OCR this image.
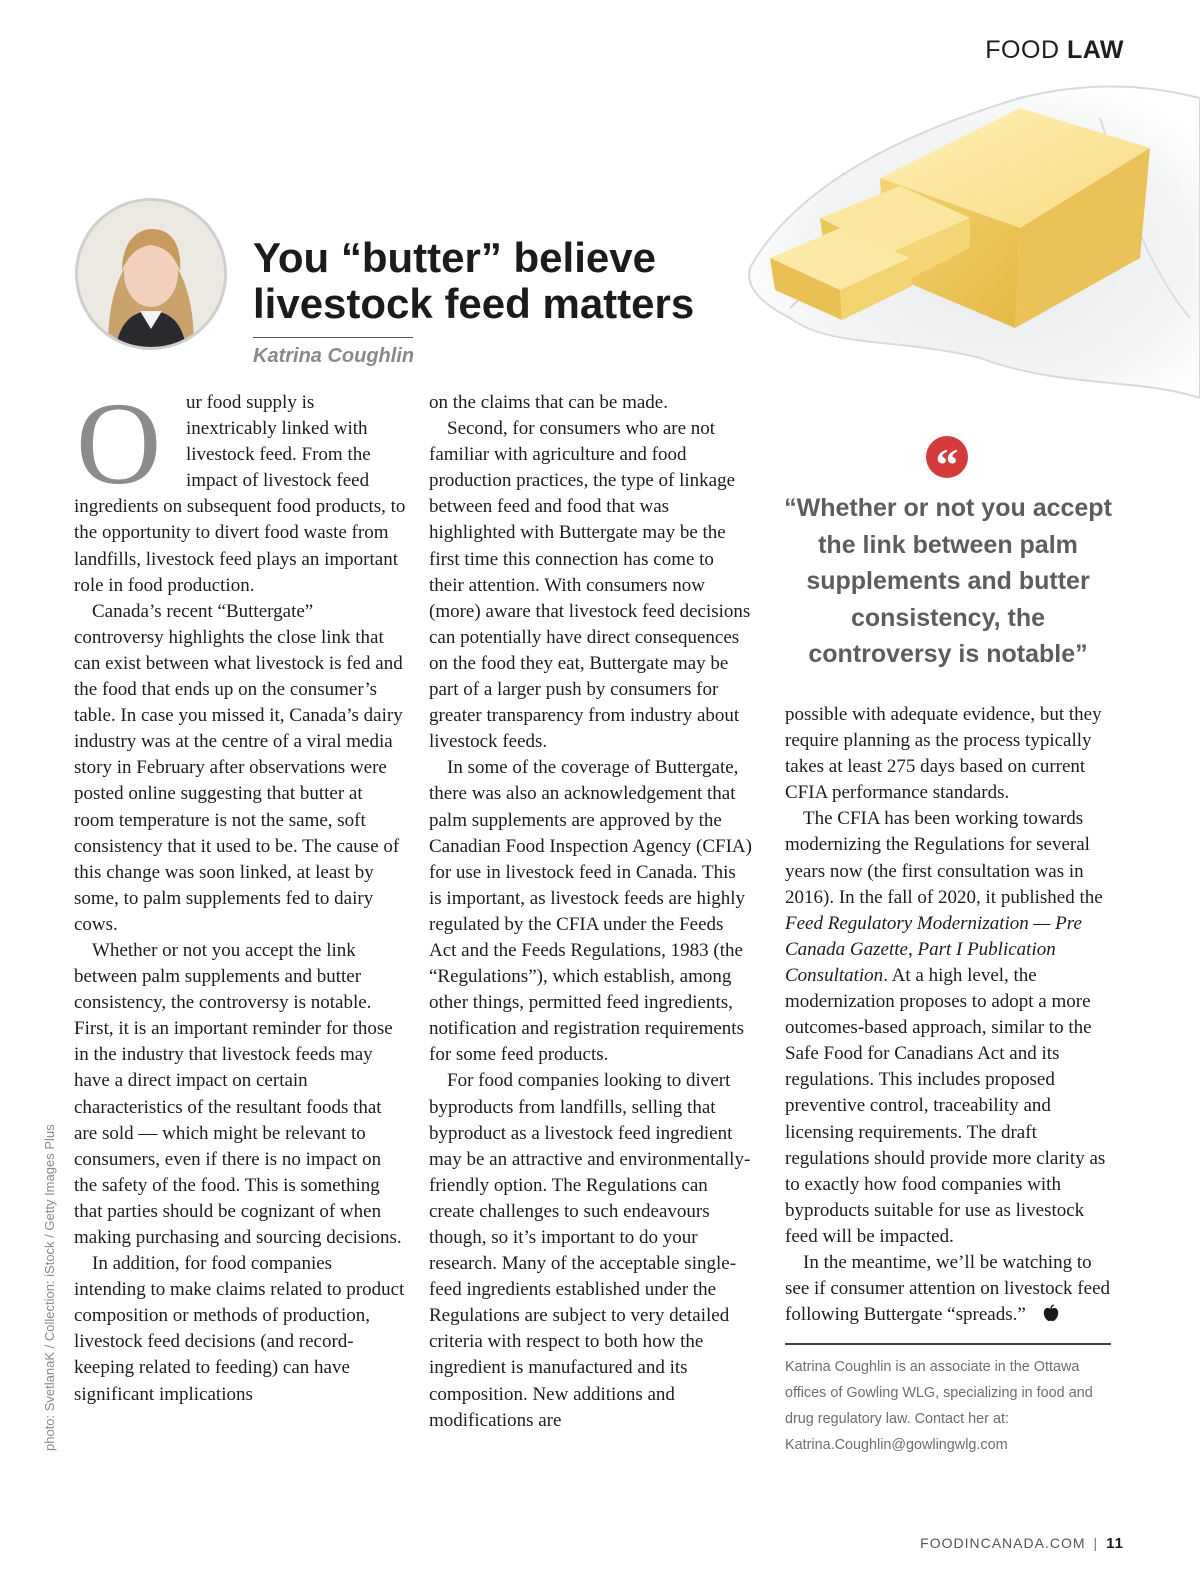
FOOD LAW
You “butter” believe livestock feed matters
Katrina Coughlin

O	ur food supply is inextricably linked with livestock feed. From the impact of livestock feed ingredients on subsequent food products, to the opportunity to divert food waste from landfills, livestock feed plays an important role in food production.

Canada’s recent “Buttergate” controversy highlights the close link that can exist between what livestock is fed and the food that ends up on the consumer’s table. In case you missed it, Canada’s dairy industry was at the centre of a viral media story in February after observations were posted online suggesting that butter at room temperature is not the same, soft consistency that it used to be. The cause of this change was soon linked, at least by some, to palm supplements fed to dairy cows.

Whether or not you accept the link between palm supplements and butter consistency, the controversy is notable. First, it is an important reminder for those in the industry that livestock feeds may have a direct impact on certain characteristics of the resultant foods that are sold — which might be relevant to consumers, even if there is no impact on the safety of the food. This is something that parties should be cognizant of when making purchasing and sourcing decisions.

In addition, for food companies intending to make claims related to product composition or methods of production, livestock feed decisions (and record-keeping related to feeding) can have significant implications

on the claims that can be made.

Second, for consumers who are not familiar with agriculture and food production practices, the type of linkage between feed and food that was highlighted with Buttergate may be the first time this connection has come to their attention. With consumers now (more) aware that livestock feed decisions can potentially have direct consequences on the food they eat, Buttergate may be part of a larger push by consumers for greater transparency from industry about livestock feeds.

In some of the coverage of Buttergate, there was also an acknowledgement that palm supplements are approved by the Canadian Food Inspection Agency (CFIA) for use in livestock feed in Canada. This is important, as livestock feeds are highly regulated by the CFIA under the Feeds Act and the Feeds Regulations, 1983 (the “Regulations”), which establish, among other things, permitted feed ingredients, notification and registration requirements for some feed products.

For food companies looking to divert byproducts from landfills, selling that byproduct as a livestock feed ingredient may be an attractive and environmentally-friendly option. The Regulations can create challenges to such endeavours though, so it’s important to do your research. Many of the acceptable single-feed ingredients established under the Regulations are subject to very detailed criteria with respect to both how the ingredient is manufactured and its composition. New additions and modifications are

“
“Whether or not you accept the link between palm supplements and butter consistency, the controversy is notable”

possible with adequate evidence, but they require planning as the process typically takes at least 275 days based on current CFIA performance standards.

The CFIA has been working towards modernizing the Regulations for several years now (the first consultation was in 2016). In the fall of 2020, it published the Feed Regulatory Modernization — Pre Canada Gazette, Part I Publication Consultation. At a high level, the modernization proposes to adopt a more outcomes-based approach, similar to the Safe Food for Canadians Act and its regulations. This includes proposed preventive control, traceability and licensing requirements. The draft regulations should provide more clarity as to exactly how food companies with byproducts suitable for use as livestock feed will be impacted.

In the meantime, we’ll be watching to see if consumer attention on livestock feed following Buttergate “spreads.”

Katrina Coughlin is an associate in the Ottawa offices of Gowling WLG, specializing in food and drug regulatory law. Contact her at: Katrina.Coughlin@gowlingwlg.com
photo: SvetlanaK / Collection: iStock / Getty Images Plus
FOODINCANADA.COM | 11
